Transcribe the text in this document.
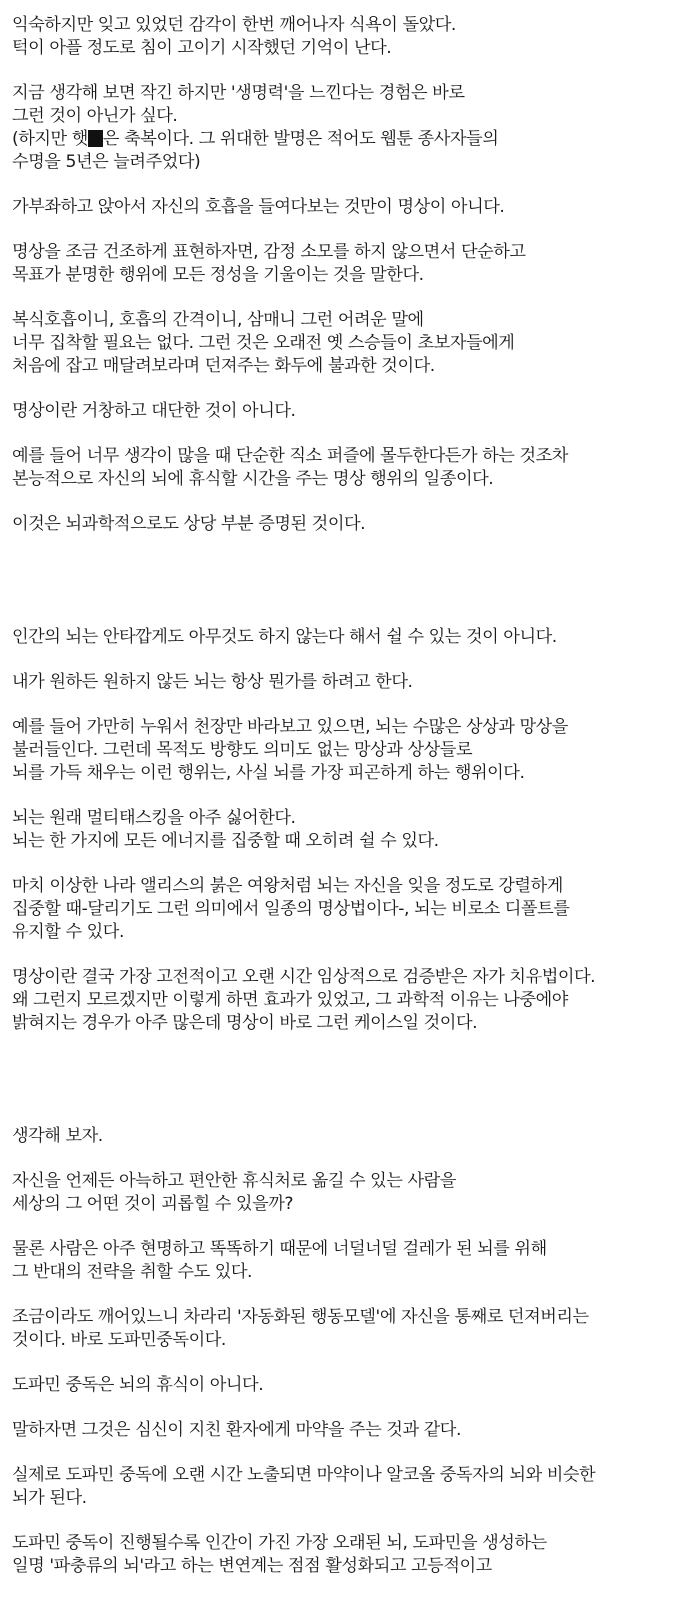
익숙하지만 잊고 있었던 감각이 한번 깨어나자 식욕이 돌았다.
턱이 아플 정도로 침이 고이기 시작했던 기억이 난다.
지금 생각해 보면 작긴 하지만 '생명력'을 느낀다는 경험은 바로
그런 것이 아닌가 싶다.
(하지만 햇 은 축복이다. 그 위대한 발명은 적어도 웹툰 종사자들의
수명을 5년은 늘려주었다)
가부좌하고 앉아서 자신의 호흡을 들여다보는 것만이 명상이 아니다.
명상을 조금 건조하게 표현하자면, 감정 소모를 하지 않으면서 단순하고
목표가 분명한 행위에 모든 정성을 기울이는 것을 말한다.
복식호흡이니, 호흡의 간격이니, 삼매니 그런 어려운 말에
너무 집착할 필요는 없다. 그런 것은 오래전 옛 스승들이 초보자들에게
처음에 잡고 매달려보라며 던져주는 화두에 불과한 것이다.
명상이란 거창하고 대단한 것이 아니다.
예를 들어 너무 생각이 많을 때 단순한 직소 퍼즐에 몰두한다든가 하는 것조차
본능적으로 자신의 뇌에 휴식할 시간을 주는 명상 행위의 일종이다.
이것은 뇌과학적으로도 상당 부분 증명된 것이다.
인간의 뇌는 안타깝게도 아무것도 하지 않는다 해서 쉴 수 있는 것이 아니다.
내가 원하든 원하지 않든 뇌는 항상 뭔가를 하려고 한다.
예를 들어 가만히 누워서 천장만 바라보고 있으면, 뇌는 수많은 상상과 망상을
불러들인다. 그런데 목적도 방향도 의미도 없는 망상과 상상들로
뇌를 가득 채우는 이런 행위는, 사실 뇌를 가장 피곤하게 하는 행위이다.
뇌는 원래 멀티태스킹을 아주 싫어한다.
뇌는 한 가지에 모든 에너지를 집중할 때 오히려 쉴 수 있다.
마치 이상한 나라 앨리스의 붉은 여왕처럼 뇌는 자신을 잊을 정도로 강렬하게
집중할 때-달리기도 그런 의미에서 일종의 명상법이다-, 뇌는 비로소 디폴트를
유지할 수 있다.
명상이란 결국 가장 고전적이고 오랜 시간 임상적으로 검증받은 자가 치유법이다.
왜 그런지 모르겠지만 이렇게 하면 효과가 있었고, 그 과학적 이유는 나중에야
밝혀지는 경우가 아주 많은데 명상이 바로 그런 케이스일 것이다.
생각해 보자.
자신을 언제든 아늑하고 편안한 휴식처로 옮길 수 있는 사람을
세상의 그 어떤 것이 괴롭힐 수 있을까?
물론 사람은 아주 현명하고 똑똑하기 때문에 너덜너덜 걸레가 된 뇌를 위해
그 반대의 전략을 취할 수도 있다.
조금이라도 깨어있느니 차라리 '자동화된 행동모델'에 자신을 통째로 던져버리는
것이다. 바로 도파민중독이다.
도파민 중독은 뇌의 휴식이 아니다.
말하자면 그것은 심신이 지친 환자에게 마약을 주는 것과 같다.
실제로 도파민 중독에 오랜 시간 노출되면 마약이나 알코올 중독자의 뇌와 비슷한
뇌가 된다.
도파민 중독이 진행될수록 인간이 가진 가장 오래된 뇌, 도파민을 생성하는
일명 '파충류의 뇌'라고 하는 변연계는 점점 활성화되고 고등적이고
